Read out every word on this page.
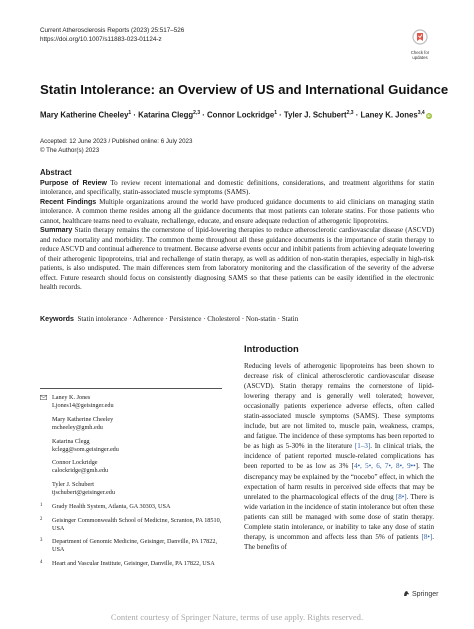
Current Atherosclerosis Reports (2023) 25:517–526
https://doi.org/10.1007/s11883-023-01124-z
Check for
updates
Statin Intolerance: an Overview of US and International Guidance
Mary Katherine Cheeley$^1$ · Katarina Clegg$^{2,3}$ · Connor Lockridge$^1$ · Tyler J. Schubert$^{2,3}$ · Laney K. Jones$^{3,4}$ iD
Accepted: 12 June 2023 / Published online: 6 July 2023
© The Author(s) 2023
Abstract

Purpose of Review To review recent international and domestic definitions, considerations, and treatment algorithms for statin intolerance, and specifically, statin-associated muscle symptoms (SAMS).

Recent Findings Multiple organizations around the world have produced guidance documents to aid clinicians on managing statin intolerance. A common theme resides among all the guidance documents that most patients can tolerate statins. For those patients who cannot, healthcare teams need to evaluate, rechallenge, educate, and ensure adequate reduction of atherogenic lipoproteins.

Summary Statin therapy remains the cornerstone of lipid-lowering therapies to reduce atherosclerotic cardiovascular disease (ASCVD) and reduce mortality and morbidity. The common theme throughout all these guidance documents is the importance of statin therapy to reduce ASCVD and continual adherence to treatment. Because adverse events occur and inhibit patients from achieving adequate lowering of their atherogenic lipoproteins, trial and rechallenge of statin therapy, as well as addition of non-statin therapies, especially in high-risk patients, is also undisputed. The main differences stem from laboratory monitoring and the classification of the severity of the adverse effect. Future research should focus on consistently diagnosing SAMS so that these patients can be easily identified in the electronic health records.

Keywords Statin intolerance · Adherence · Persistence · Cholesterol · Non-statin · Statin
Introduction

Reducing levels of atherogenic lipoproteins has been shown to decrease risk of clinical atherosclerotic cardiovascular disease (ASCVD). Statin therapy remains the cornerstone of lipid-lowering therapy and is generally well tolerated; however, occasionally patients experience adverse effects, often called statin-associated muscle symptoms (SAMS). These symptoms include, but are not limited to, muscle pain, weakness, cramps, and fatigue. The incidence of these symptoms has been reported to be as high as 5-30% in the literature [1–3]. In clinical trials, the incidence of patient reported muscle-related complications has been reported to be as low as 3% [4•, 5•, 6, 7•, 8•, 9••]. The discrepancy may be explained by the “nocebo” effect, in which the expectation of harm results in perceived side effects that may be unrelated to the pharmacological effects of the drug [8•]. There is wide variation in the incidence of statin intolerance but often these patients can still be managed with some dose of statin therapy. Complete statin intolerance, or inability to take any dose of statin therapy, is uncommon and affects less than 5% of patients [8•]. The benefits of

Laney K. Jones
Ljones14@geisinger.edu
Mary Katherine Cheeley
mcheeley@gmh.edu
Katarina Clegg
kclegg@som.geisinger.edu
Connor Lockridge
calockridge@gmh.edu
Tyler J. Schubert
tjschubert@geisinger.edu
1 Grady Health System, Atlanta, GA 30303, USA
2 Geisinger Commonwealth School of Medicine, Scranton, PA 18510, USA
3 Department of Genomic Medicine, Geisinger, Danville, PA 17822, USA
4 Heart and Vascular Institute, Geisinger, Danville, PA 17822, USA
Springer
Content courtesy of Springer Nature, terms of use apply. Rights reserved.
